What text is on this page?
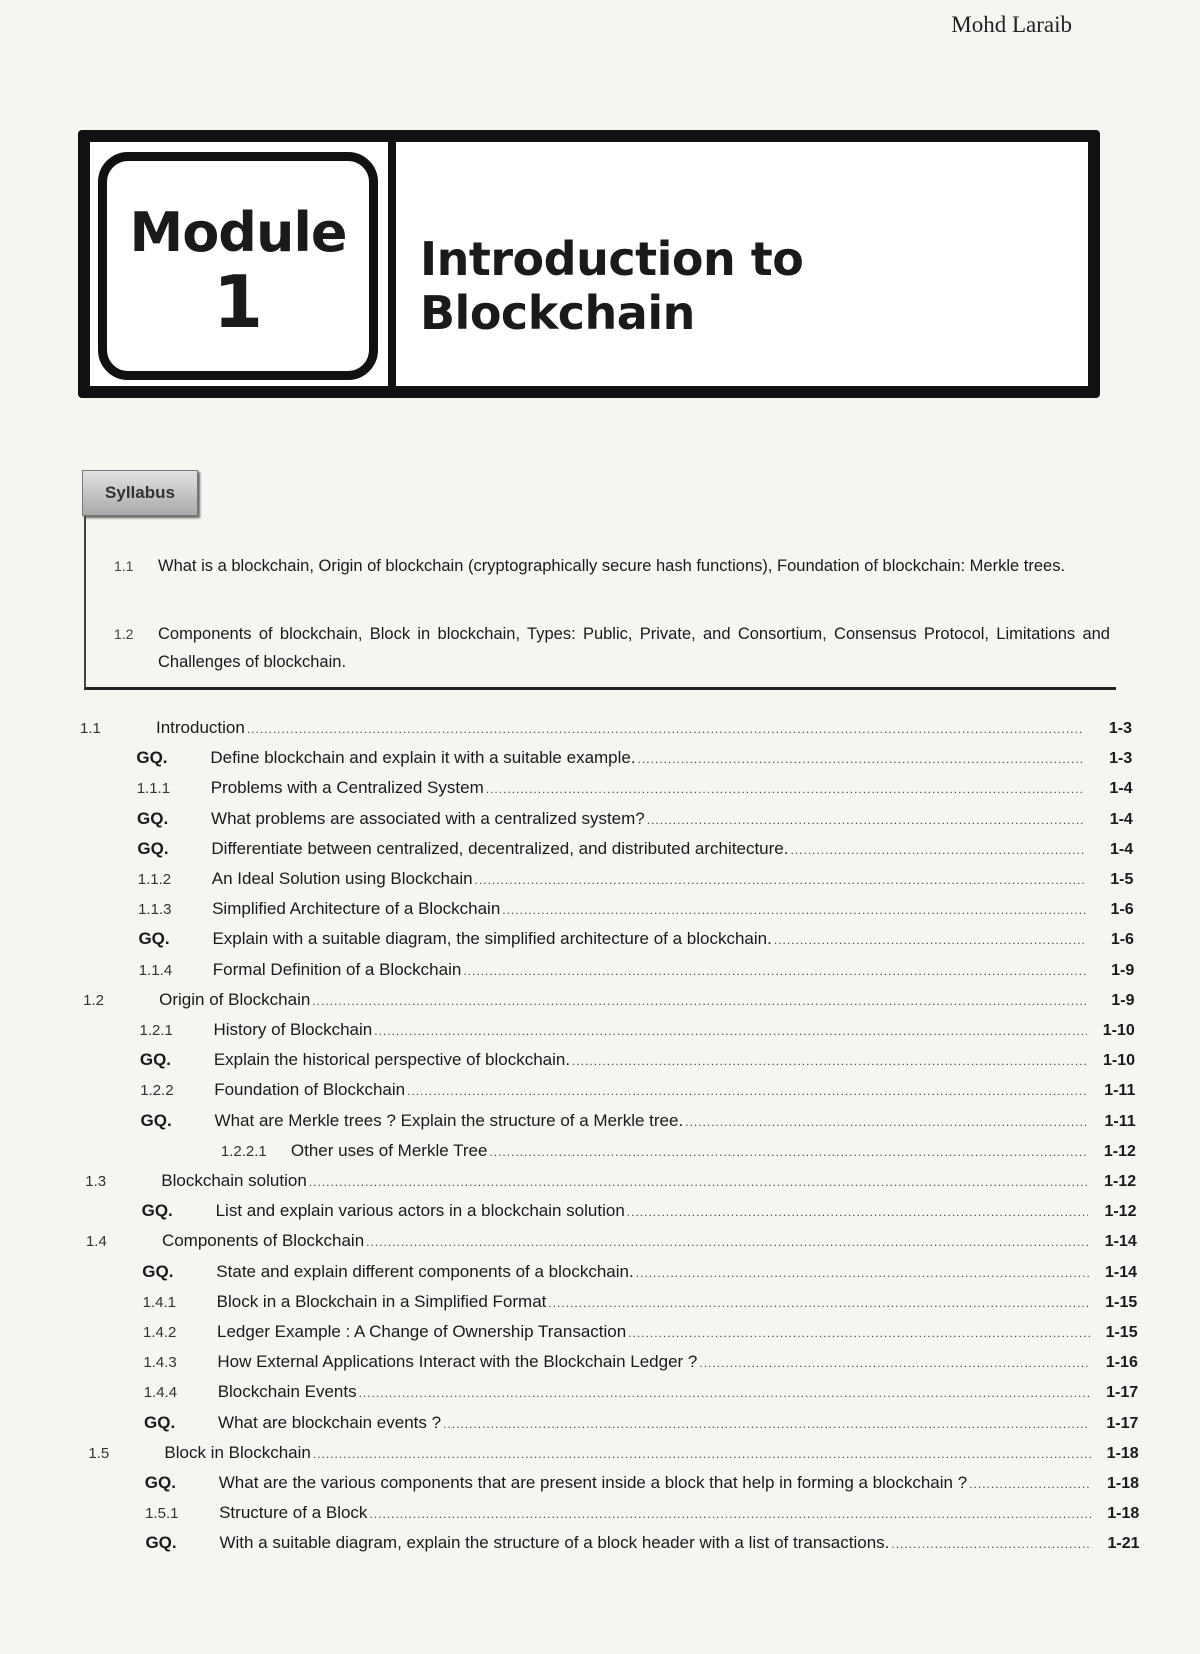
Mohd Laraib
Module
1
Introduction to Blockchain
Syllabus
1.1 What is a blockchain, Origin of blockchain (cryptographically secure hash functions), Foundation of blockchain: Merkle trees.
1.2 Components of blockchain, Block in blockchain, Types: Public, Private, and Consortium, Consensus Protocol, Limitations and Challenges of blockchain.
1.1	Introduction .....	1-3
GQ.	Define blockchain and explain it with a suitable example. .....	1-3
1.1.1	Problems with a Centralized System .....	1-4
GQ.	What problems are associated with a centralized system? .....	1-4
GQ.	Differentiate between centralized, decentralized, and distributed architecture. .....	1-4
1.1.2	An Ideal Solution using Blockchain .....	1-5
1.1.3	Simplified Architecture of a Blockchain .....	1-6
GQ.	Explain with a suitable diagram, the simplified architecture of a blockchain. .....	1-6
1.1.4	Formal Definition of a Blockchain .....	1-9
1.2	Origin of Blockchain .....	1-9
1.2.1	History of Blockchain .....	1-10
GQ.	Explain the historical perspective of blockchain. .....	1-10
1.2.2	Foundation of Blockchain .....	1-11
GQ.	What are Merkle trees ? Explain the structure of a Merkle tree. .....	1-11
1.2.2.1	Other uses of Merkle Tree .....	1-12
1.3	Blockchain solution .....	1-12
GQ.	List and explain various actors in a blockchain solution .....	1-12
1.4	Components of Blockchain .....	1-14
GQ.	State and explain different components of a blockchain. .....	1-14
1.4.1	Block in a Blockchain in a Simplified Format .....	1-15
1.4.2	Ledger Example : A Change of Ownership Transaction .....	1-15
1.4.3	How External Applications Interact with the Blockchain Ledger ? .....	1-16
1.4.4	Blockchain Events .....	1-17
GQ.	What are blockchain events ? .....	1-17
1.5	Block in Blockchain .....	1-18
GQ.	What are the various components that are present inside a block that help in forming a blockchain ? .....	1-18
1.5.1	Structure of a Block .....	1-18
GQ.	With a suitable diagram, explain the structure of a block header with a list of transactions. .....	1-21
